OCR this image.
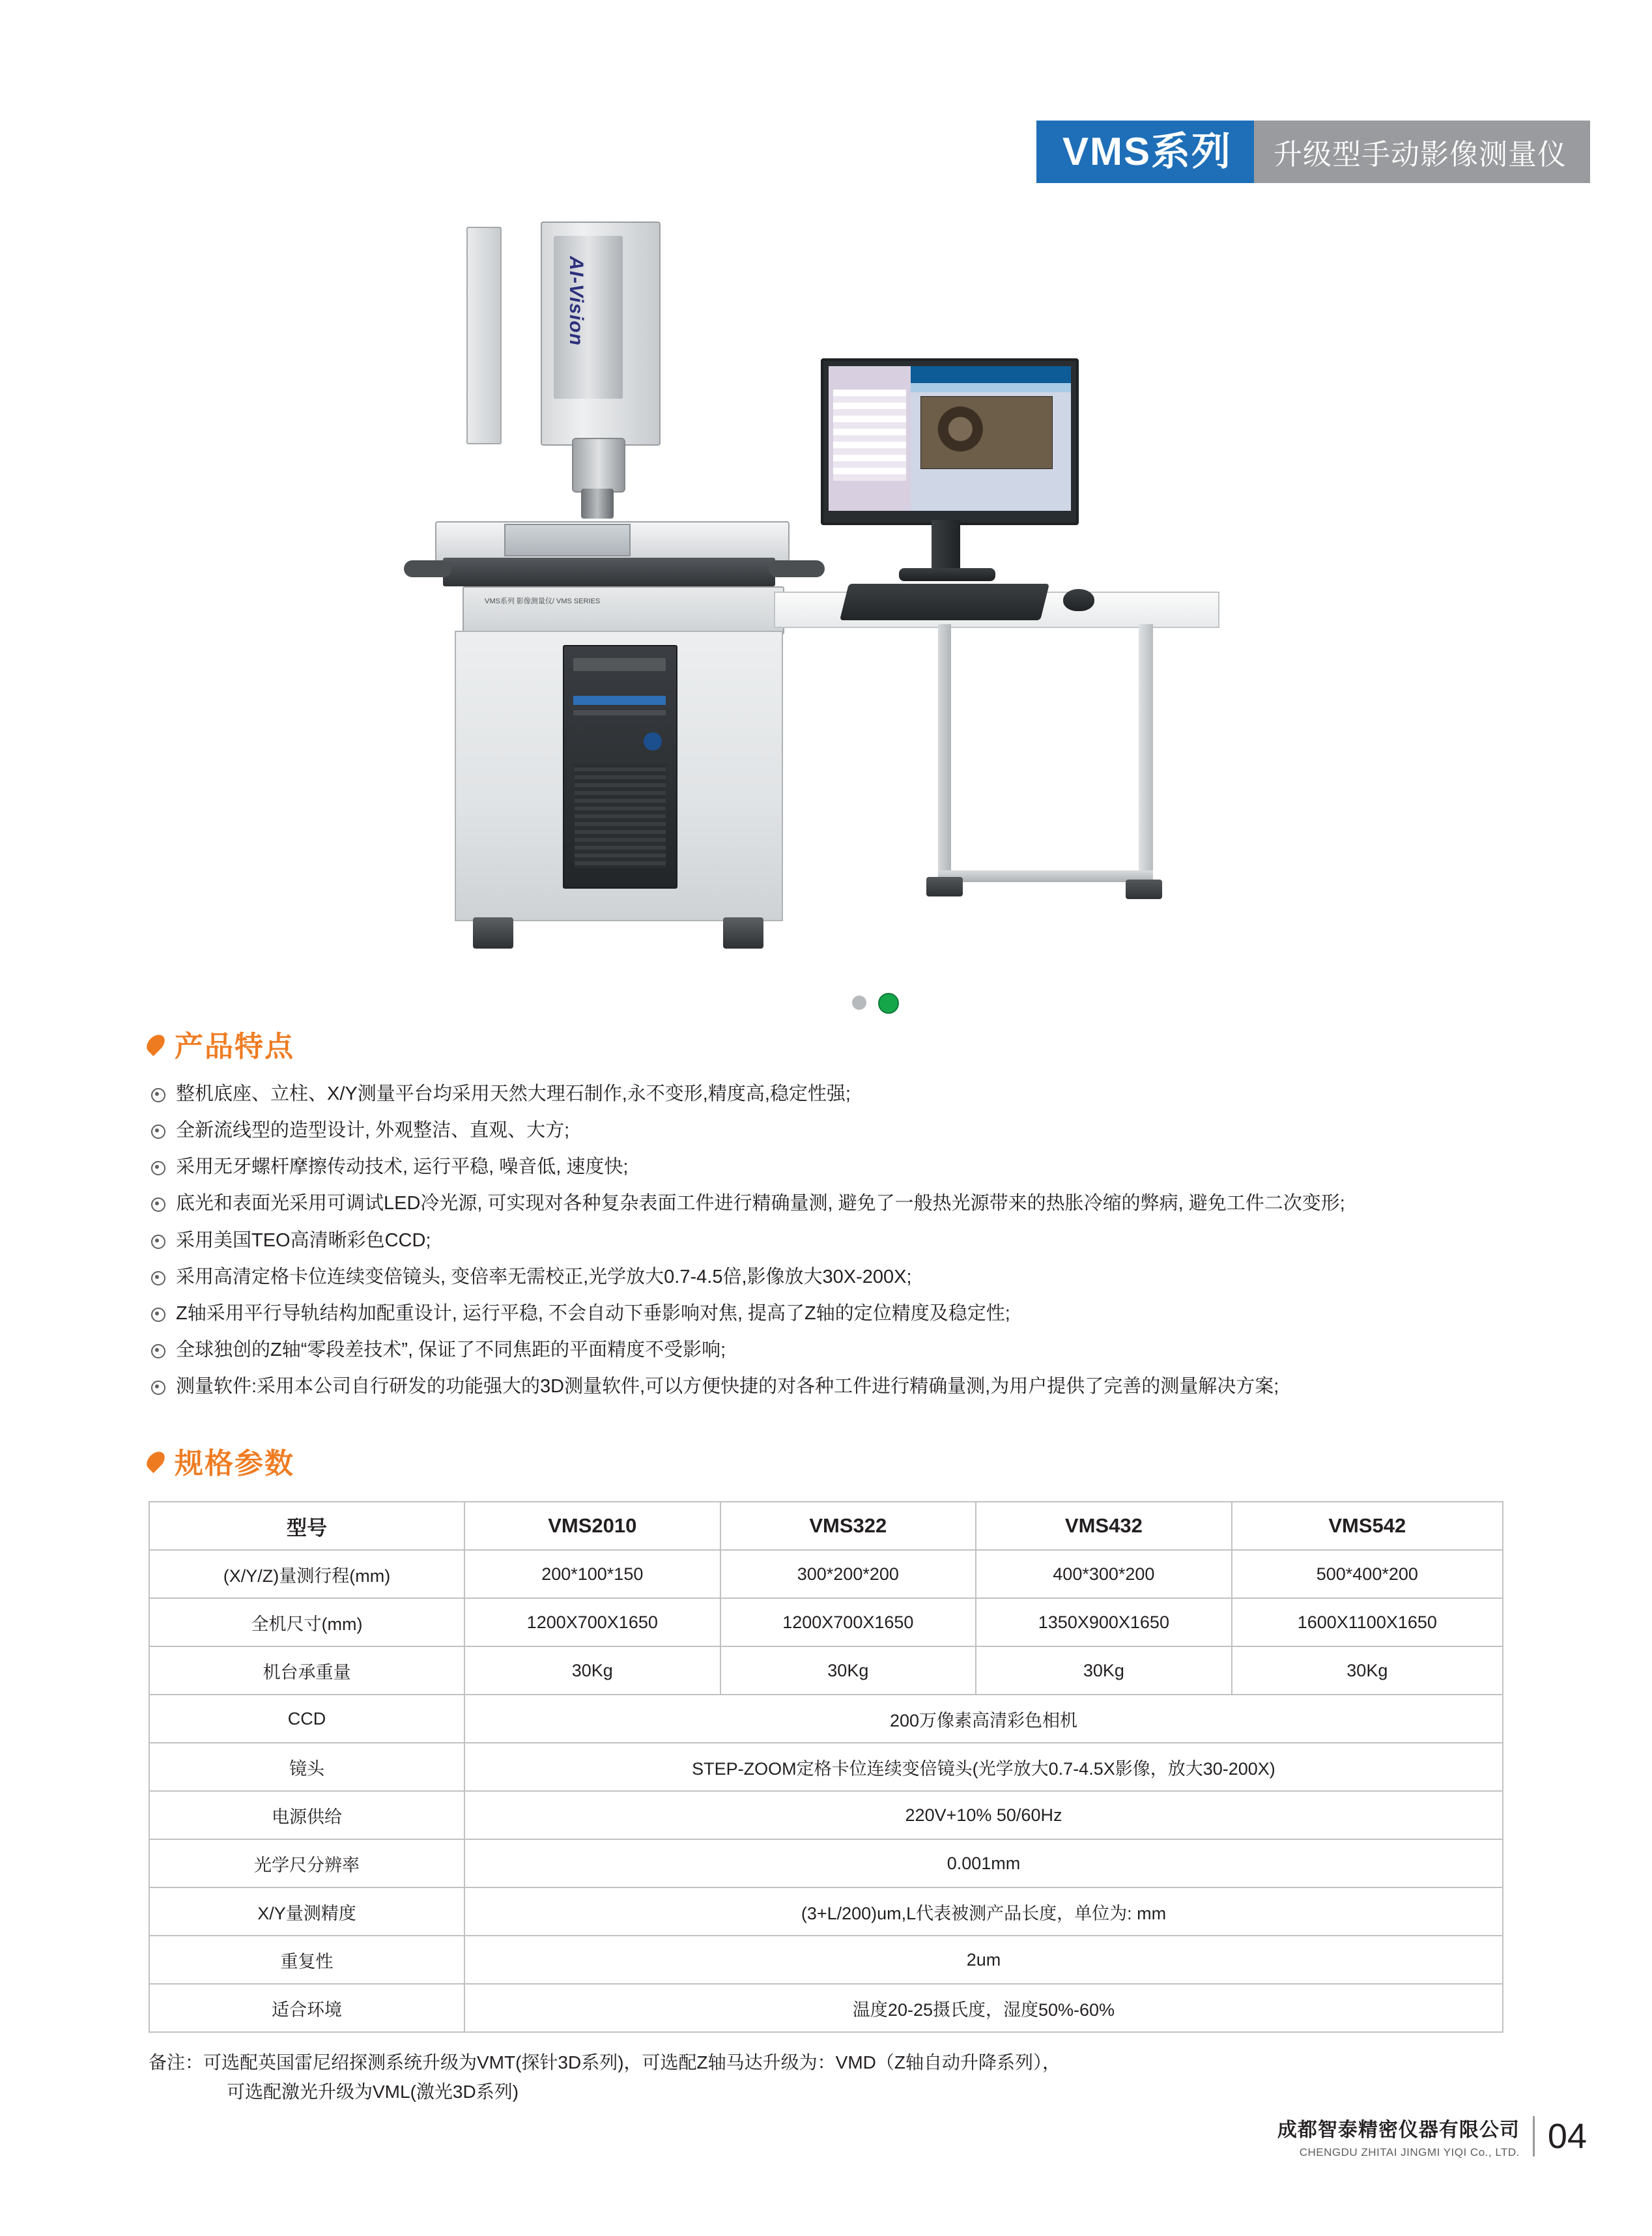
VMS系列	升级型手动影像测量仪
AI-Vision
VMS系列 影像测量仪/ VMS SERIES
产品特点
整机底座、立柱、X/Y测量平台均采用天然大理石制作,永不变形,精度高,稳定性强;
全新流线型的造型设计, 外观整洁、直观、大方;
采用无牙螺杆摩擦传动技术, 运行平稳, 噪音低, 速度快;
底光和表面光采用可调试LED冷光源, 可实现对各种复杂表面工件进行精确量测, 避免了一般热光源带来的热胀冷缩的弊病, 避免工件二次变形;
采用美国TEO高清晰彩色CCD;
采用高清定格卡位连续变倍镜头, 变倍率无需校正,光学放大0.7-4.5倍,影像放大30X-200X;
Z轴采用平行导轨结构加配重设计, 运行平稳, 不会自动下垂影响对焦, 提高了Z轴的定位精度及稳定性;
全球独创的Z轴“零段差技术”, 保证了不同焦距的平面精度不受影响;
测量软件:采用本公司自行研发的功能强大的3D测量软件,可以方便快捷的对各种工件进行精确量测,为用户提供了完善的测量解决方案;
规格参数
型号	VMS2010	VMS322	VMS432	VMS542
(X/Y/Z)量测行程(mm)	200*100*150	300*200*200	400*300*200	500*400*200
全机尺寸(mm)	1200X700X1650	1200X700X1650	1350X900X1650	1600X1100X1650
机台承重量	30Kg	30Kg	30Kg	30Kg
CCD	200万像素高清彩色相机			
镜头	STEP-ZOOM定格卡位连续变倍镜头(光学放大0.7-4.5X影像，放大30-200X)			
电源供给	220V+10% 50/60Hz			
光学尺分辨率	0.001mm			
X/Y量测精度	(3+L/200)um,L代表被测产品长度，单位为: mm			
重复性	2um			
适合环境	温度20-25摄氏度，湿度50%-60%			
备注：可选配英国雷尼绍探测系统升级为VMT(探针3D系列)，可选配Z轴马达升级为：VMD（Z轴自动升降系列），
可选配激光升级为VML(激光3D系列)
成都智泰精密仪器有限公司
CHENGDU ZHITAI JINGMI YIQI Co., LTD. 04
